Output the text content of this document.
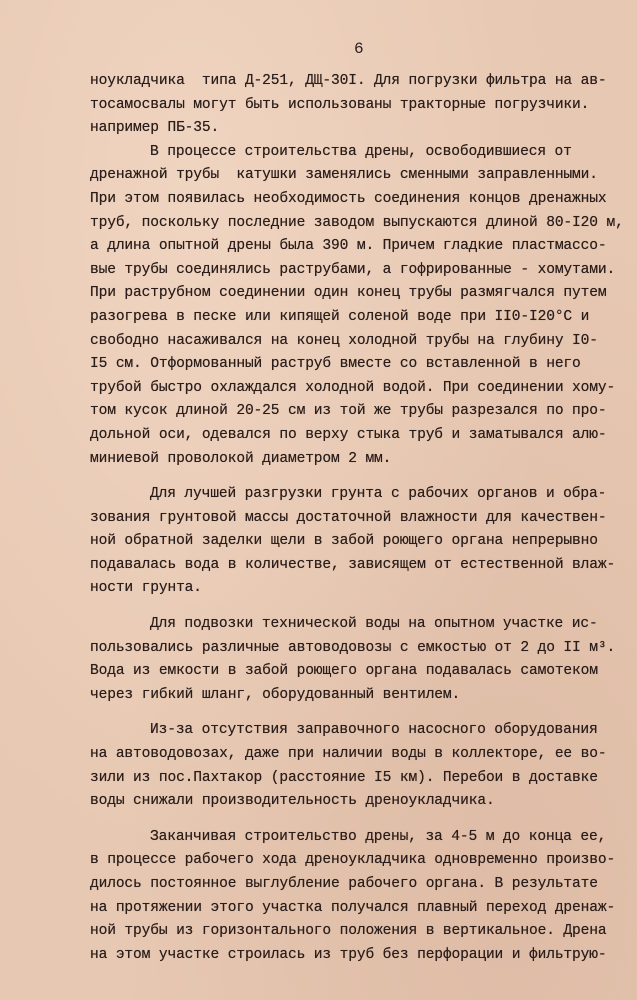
6
ноукладчика  типа Д-251, ДЩ-30I. Для погрузки фильтра на ав-
тосамосвалы могут быть использованы тракторные погрузчики.
например ПБ-35.
В процессе строительства дрены, освободившиеся от
дренажной трубы  катушки заменялись сменными заправленными.
При этом появилась необходимость соединения концов дренажных
труб, поскольку последние заводом выпускаются длиной 80-I20 м,
а длина опытной дрены была 390 м. Причем гладкие пластмассо-
вые трубы соединялись раструбами, а гофрированные - хомутами.
При раструбном соединении один конец трубы размягчался путем
разогрева в песке или кипящей соленой воде при II0-I20°С и
свободно насаживался на конец холодной трубы на глубину I0-
I5 см. Отформованный раструб вместе со вставленной в него
трубой быстро охлаждался холодной водой. При соединении хому-
том кусок длиной 20-25 см из той же трубы разрезался по про-
дольной оси, одевался по верху стыка труб и заматывался алю-
миниевой проволокой диаметром 2 мм.
Для лучшей разгрузки грунта с рабочих органов и обра-
зования грунтовой массы достаточной влажности для качествен-
ной обратной заделки щели в забой роющего органа непрерывно
подавалась вода в количестве, зависящем от естественной влаж-
ности грунта.
Для подвозки технической воды на опытном участке ис-
пользовались различные автоводовозы с емкостью от 2 до II м³.
Вода из емкости в забой роющего органа подавалась самотеком
через гибкий шланг, оборудованный вентилем.
Из-за отсутствия заправочного насосного оборудования
на автоводовозах, даже при наличии воды в коллекторе, ее во-
зили из пос.Пахтакор (расстояние I5 км). Перебои в доставке
воды снижали производительность дреноукладчика.
Заканчивая строительство дрены, за 4-5 м до конца ее,
в процессе рабочего хода дреноукладчика одновременно произво-
дилось постоянное выглубление рабочего органа. В результате
на протяжении этого участка получался плавный переход дренаж-
ной трубы из горизонтального положения в вертикальное. Дрена
на этом участке строилась из труб без перфорации и фильтрую-
